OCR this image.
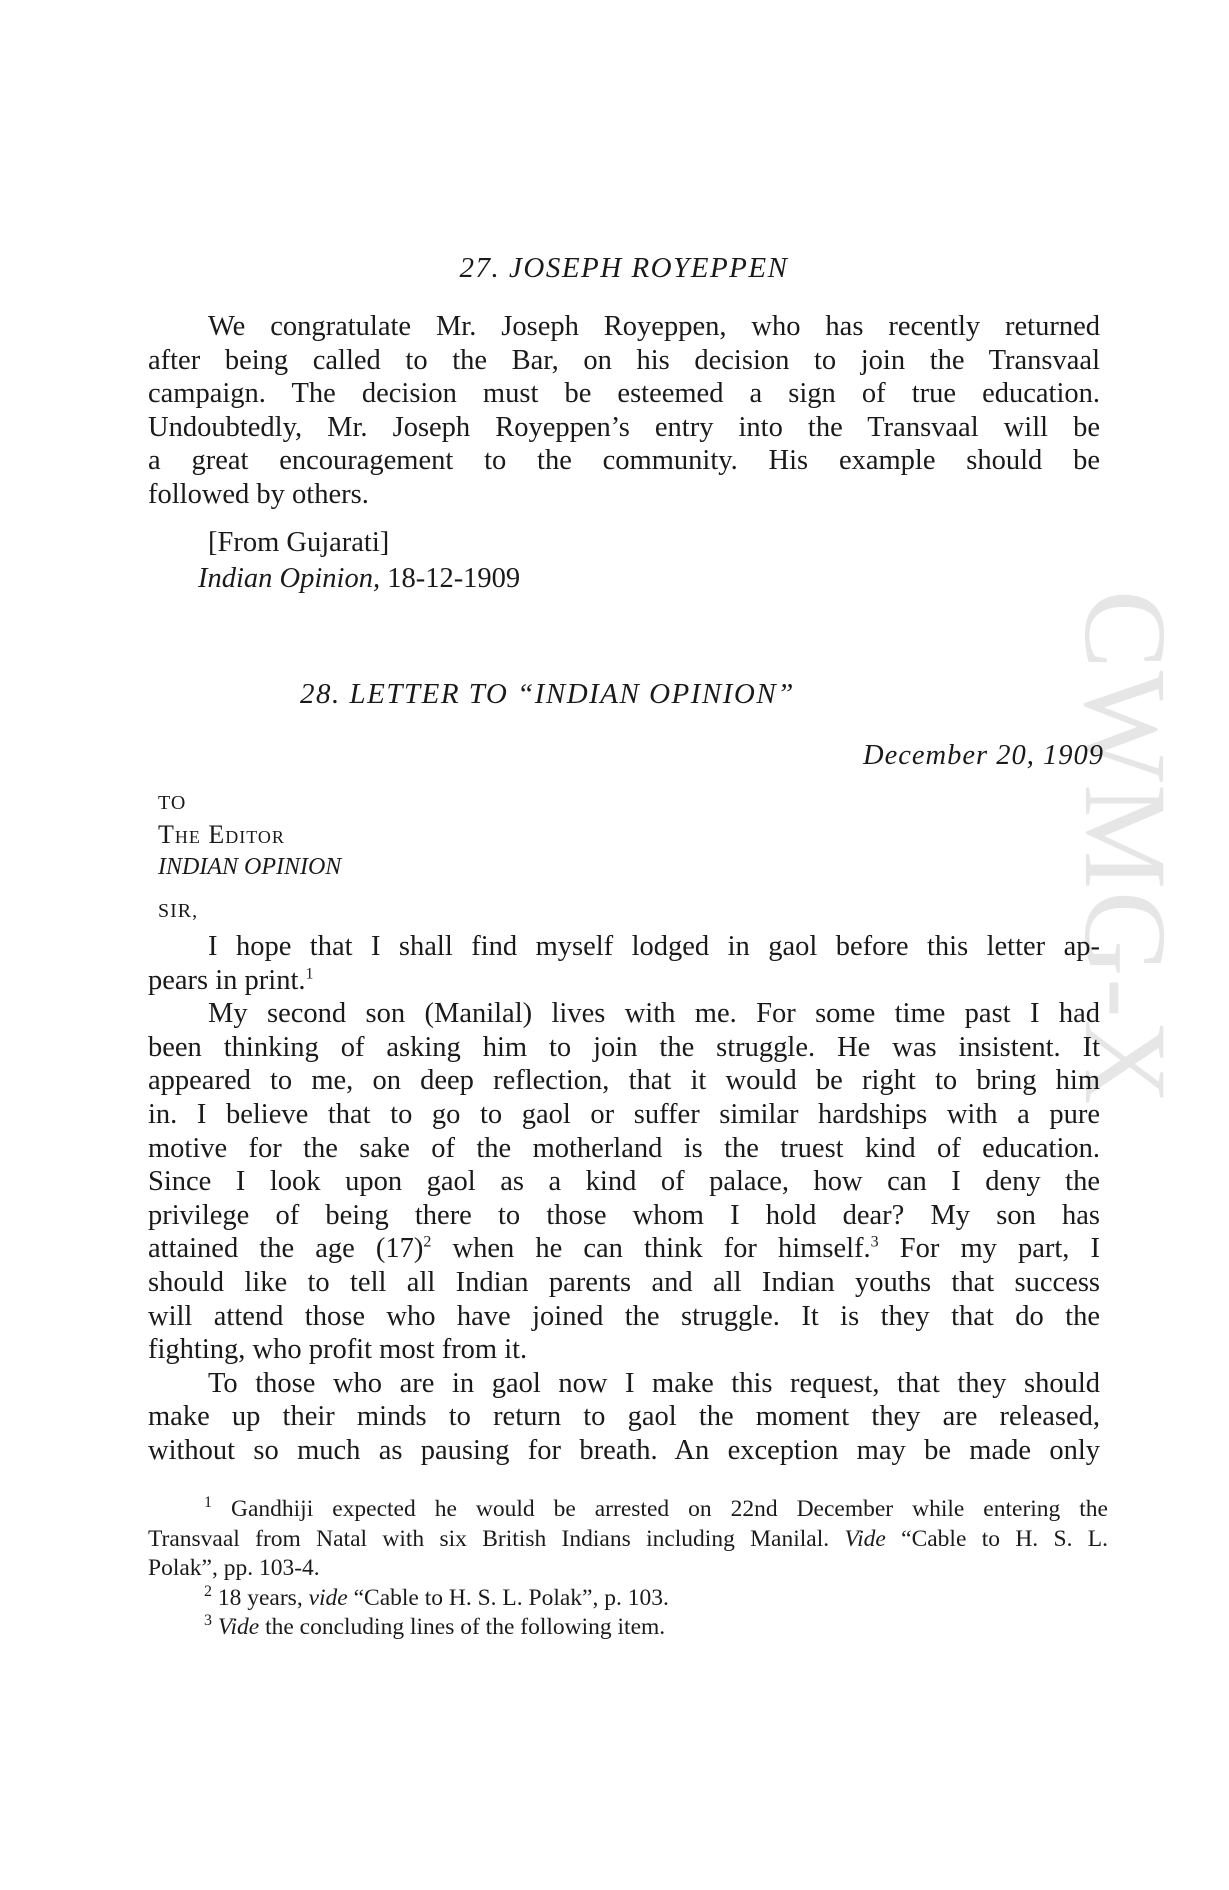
CWMG-X
27. JOSEPH ROYEPPEN

We congratulate Mr. Joseph Royeppen, who has recently returned
after being called to the Bar, on his decision to join the Transvaal
campaign. The decision must be esteemed a sign of true education.
Undoubtedly, Mr. Joseph Royeppen’s entry into the Transvaal will be
a great encouragement to the community. His example should be
followed by others.

[From Gujarati]
Indian Opinion, 18-12-1909
28. LETTER TO “INDIAN OPINION”
December 20, 1909
TO
The Editor
INDIAN OPINION
SIR,

I hope that I shall find myself lodged in gaol before this letter ap-
pears in print.$^1$

My second son (Manilal) lives with me. For some time past I had
been thinking of asking him to join the struggle. He was insistent. It
appeared to me, on deep reflection, that it would be right to bring him
in. I believe that to go to gaol or suffer similar hardships with a pure
motive for the sake of the motherland is the truest kind of education.
Since I look upon gaol as a kind of palace, how can I deny the
privilege of being there to those whom I hold dear? My son has
attained the age $(17)^2$ when he can think for himself.$^3$ For my part, I
should like to tell all Indian parents and all Indian youths that success
will attend those who have joined the struggle. It is they that do the
fighting, who profit most from it.

To those who are in gaol now I make this request, that they should
make up their minds to return to gaol the moment they are released,
without so much as pausing for breath. An exception may be made only

$^1$ Gandhiji expected he would be arrested on 22nd December while entering the
Transvaal from Natal with six British Indians including Manilal. Vide “Cable to H. S. L.
Polak”, pp. 103-4.
$^2$ 18 years, vide “Cable to H. S. L. Polak”, p. 103.
$^3$ Vide the concluding lines of the following item.
